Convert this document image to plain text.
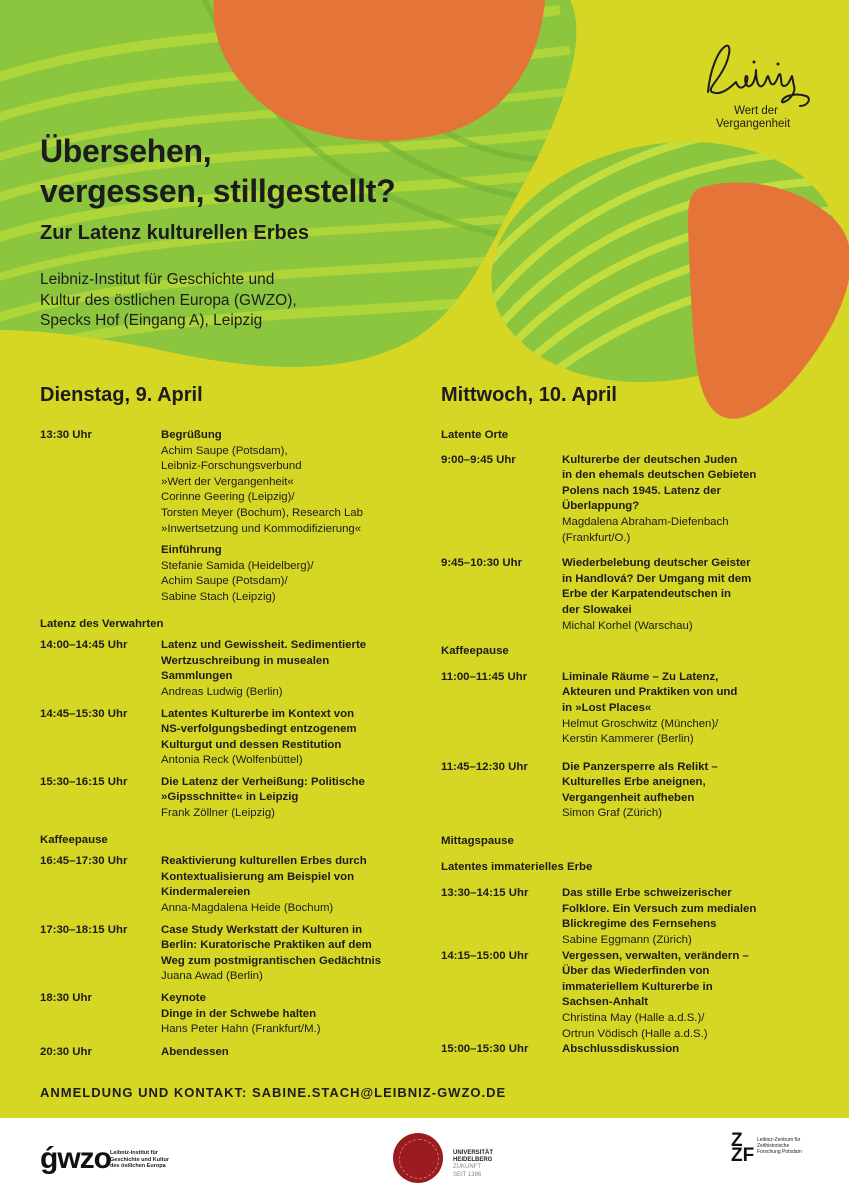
Übersehen,
vergessen, stillgestellt?
Zur Latenz kulturellen Erbes
Leibniz-Institut für Geschichte und
Kultur des östlichen Europa (GWZO),
Specks Hof (Eingang A), Leipzig
Wert der
Vergangenheit
Dienstag, 9. April	Mittwoch, 10. April
13:30 Uhr	Begrüßung
Achim Saupe (Potsdam),
Leibniz-Forschungsverbund
»Wert der Vergangenheit«
Corinne Geering (Leipzig)/
Torsten Meyer (Bochum), Research Lab
»Inwertsetzung und Kommodifizierung«
Einführung
Stefanie Samida (Heidelberg)/
Achim Saupe (Potsdam)/
Sabine Stach (Leipzig)
Latenz des Verwahrten
14:00–14:45 Uhr	Latenz und Gewissheit. Sedimentierte
Wertzuschreibung in musealen
Sammlungen
Andreas Ludwig (Berlin)
14:45–15:30 Uhr	Latentes Kulturerbe im Kontext von
NS-verfolgungsbedingt entzogenem
Kulturgut und dessen Restitution
Antonia Reck (Wolfenbüttel)
15:30–16:15 Uhr	Die Latenz der Verheißung: Politische
»Gipsschnitte« in Leipzig
Frank Zöllner (Leipzig)
Kaffeepause
16:45–17:30 Uhr	Reaktivierung kulturellen Erbes durch
Kontextualisierung am Beispiel von
Kindermalereien
Anna-Magdalena Heide (Bochum)
17:30–18:15 Uhr	Case Study Werkstatt der Kulturen in
Berlin: Kuratorische Praktiken auf dem
Weg zum postmigrantischen Gedächtnis
Juana Awad (Berlin)
18:30 Uhr	Keynote
Dinge in der Schwebe halten
Hans Peter Hahn (Frankfurt/M.)
20:30 Uhr	Abendessen
Latente Orte
9:00–9:45 Uhr	Kulturerbe der deutschen Juden
in den ehemals deutschen Gebieten
Polens nach 1945. Latenz der
Überlappung?
Magdalena Abraham-Diefenbach
(Frankfurt/O.)
9:45–10:30 Uhr	Wiederbelebung deutscher Geister
in Handlová? Der Umgang mit dem
Erbe der Karpatendeutschen in
der Slowakei
Michal Korhel (Warschau)
Kaffeepause
11:00–11:45 Uhr	Liminale Räume – Zu Latenz,
Akteuren und Praktiken von und
in »Lost Places«
Helmut Groschwitz (München)/
Kerstin Kammerer (Berlin)
11:45–12:30 Uhr	Die Panzersperre als Relikt –
Kulturelles Erbe aneignen,
Vergangenheit aufheben
Simon Graf (Zürich)
Mittagspause
Latentes immaterielles Erbe
13:30–14:15 Uhr	Das stille Erbe schweizerischer
Folklore. Ein Versuch zum medialen
Blickregime des Fernsehens
Sabine Eggmann (Zürich)
14:15–15:00 Uhr	Vergessen, verwalten, verändern –
Über das Wiederfinden von
immateriellem Kulturerbe in
Sachsen-Anhalt
Christina May (Halle a.d.S.)/
Ortrun Vödisch (Halle a.d.S.)
15:00–15:30 Uhr	Abschlussdiskussion
ANMELDUNG UND KONTAKT: SABINE.STACH@LEIBNIZ-GWZO.DE
ǵwzo Leibniz-Institut für
Geschichte und Kultur
des östlichen Europa
UNIVERSITÄT
HEIDELBERG
ZUKUNFT
SEIT 1386
Z
ZF
Leibniz-Zentrum für
Zeithistorische
Forschung Potsdam
